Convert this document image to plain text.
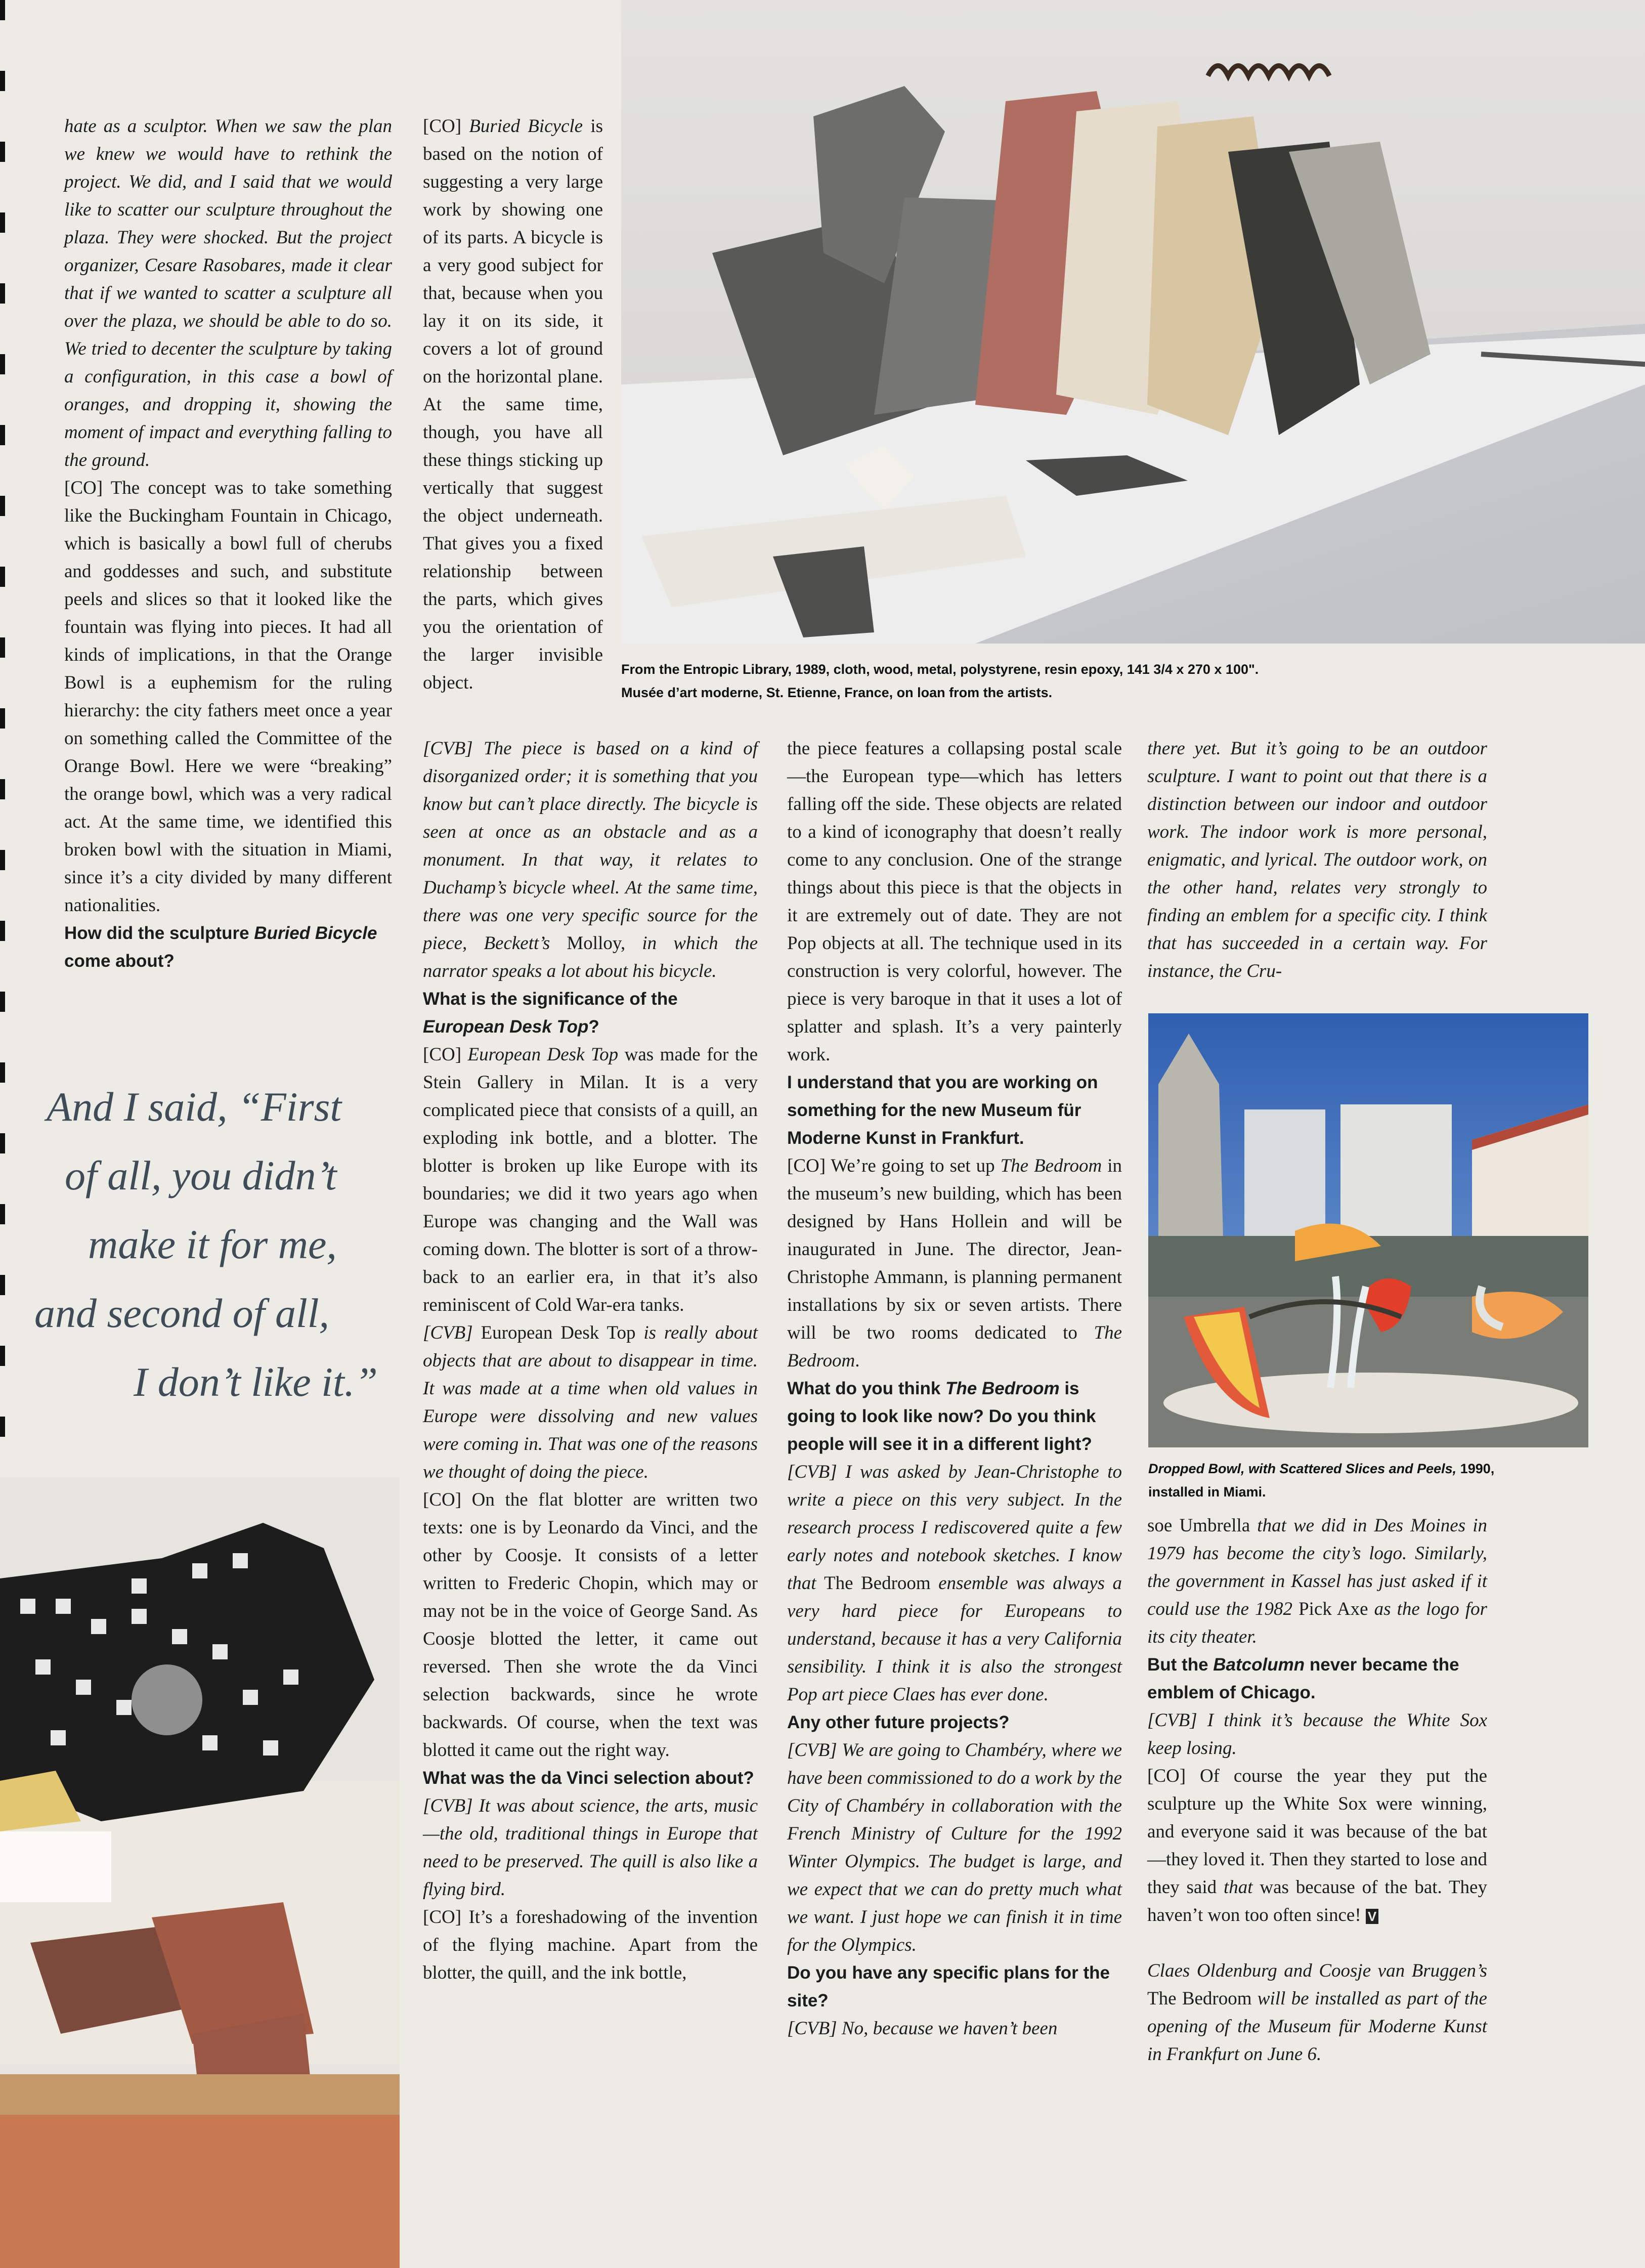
From the Entropic Library, 1989, cloth, wood, metal, polystyrene, resin epoxy, 141 3/4 x 270 x 100".
Musée d’art moderne, St. Etienne, France, on loan from the artists.

hate as a sculptor. When we saw the plan we knew we would have to rethink the project. We did, and I said that we would like to scatter our sculpture throughout the plaza. They were shocked. But the project organizer, Cesare Rasobares, made it clear that if we wanted to scatter a sculpture all over the plaza, we should be able to do so. We tried to decenter the sculpture by taking a configuration, in this case a bowl of oranges, and dropping it, showing the moment of impact and everything falling to the ground.

[CO] The concept was to take something like the Buckingham Fountain in Chicago, which is basically a bowl full of cherubs and goddesses and such, and substitute peels and slices so that it looked like the fountain was flying into pieces. It had all kinds of implications, in that the Orange Bowl is a euphemism for the ruling hierarchy: the city fathers meet once a year on something called the Committee of the Orange Bowl. Here we were “breaking” the orange bowl, which was a very radical act. At the same time, we identified this broken bowl with the situation in Miami, since it’s a city divided by many different nationalities.

How did the sculpture Buried Bicycle come about?

And I said, “First
of all, you didn’t
make it for me,
and second of all,
I don’t like it.”

[CO] Buried Bicycle is based on the notion of suggesting a very large work by showing one of its parts. A bicycle is a very good subject for that, because when you lay it on its side, it covers a lot of ground on the horizontal plane. At the same time, though, you have all these things sticking up vertically that suggest the object underneath. That gives you a fixed relationship between the parts, which gives you the orientation of the larger invisible object.

[CVB] The piece is based on a kind of disorganized order; it is something that you know but can’t place directly. The bicycle is seen at once as an obstacle and as a monument. In that way, it relates to Duchamp’s bicycle wheel. At the same time, there was one very specific source for the piece, Beckett’s Molloy, in which the narrator speaks a lot about his bicycle.

What is the significance of the European Desk Top?

[CO] European Desk Top was made for the Stein Gallery in Milan. It is a very complicated piece that consists of a quill, an exploding ink bottle, and a blotter. The blotter is broken up like Europe with its boundaries; we did it two years ago when Europe was changing and the Wall was coming down. The blotter is sort of a throw-back to an earlier era, in that it’s also reminiscent of Cold War-era tanks.

[CVB] European Desk Top is really about objects that are about to disappear in time. It was made at a time when old values in Europe were dissolving and new values were coming in. That was one of the reasons we thought of doing the piece.

[CO] On the flat blotter are written two texts: one is by Leonardo da Vinci, and the other by Coosje. It consists of a letter written to Frederic Chopin, which may or may not be in the voice of George Sand. As Coosje blotted the letter, it came out reversed. Then she wrote the da Vinci selection backwards, since he wrote backwards. Of course, when the text was blotted it came out the right way.

What was the da Vinci selection about?

[CVB] It was about science, the arts, music—the old, traditional things in Europe that need to be preserved. The quill is also like a flying bird.

[CO] It’s a foreshadowing of the invention of the flying machine. Apart from the blotter, the quill, and the ink bottle,

the piece features a collapsing postal scale—the European type—which has letters falling off the side. These objects are related to a kind of iconography that doesn’t really come to any conclusion. One of the strange things about this piece is that the objects in it are extremely out of date. They are not Pop objects at all. The technique used in its construction is very colorful, however. The piece is very baroque in that it uses a lot of splatter and splash. It’s a very painterly work.

I understand that you are working on something for the new Museum für Moderne Kunst in Frankfurt.

[CO] We’re going to set up The Bedroom in the museum’s new building, which has been designed by Hans Hollein and will be inaugurated in June. The director, Jean-Christophe Ammann, is planning permanent installations by six or seven artists. There will be two rooms dedicated to The Bedroom.

What do you think The Bedroom is going to look like now? Do you think people will see it in a different light?

[CVB] I was asked by Jean-Christophe to write a piece on this very subject. In the research process I rediscovered quite a few early notes and notebook sketches. I know that The Bedroom ensemble was always a very hard piece for Europeans to understand, because it has a very California sensibility. I think it is also the strongest Pop art piece Claes has ever done.

Any other future projects?

[CVB] We are going to Chambéry, where we have been commissioned to do a work by the City of Chambéry in collaboration with the French Ministry of Culture for the 1992 Winter Olympics. The budget is large, and we expect that we can do pretty much what we want. I just hope we can finish it in time for the Olympics.

Do you have any specific plans for the site?

[CVB] No, because we haven’t been

there yet. But it’s going to be an outdoor sculpture. I want to point out that there is a distinction between our indoor and outdoor work. The indoor work is more personal, enigmatic, and lyrical. The outdoor work, on the other hand, relates very strongly to finding an emblem for a specific city. I think that has succeeded in a certain way. For instance, the Cru-

Dropped Bowl, with Scattered Slices and Peels, 1990, installed in Miami.

soe Umbrella that we did in Des Moines in 1979 has become the city’s logo. Similarly, the government in Kassel has just asked if it could use the 1982 Pick Axe as the logo for its city theater.

But the Batcolumn never became the emblem of Chicago.

[CVB] I think it’s because the White Sox keep losing.

[CO] Of course the year they put the sculpture up the White Sox were winning, and everyone said it was because of the bat—they loved it. Then they started to lose and they said that was because of the bat. They haven’t won too often since! V

Claes Oldenburg and Coosje van Bruggen’s The Bedroom will be installed as part of the opening of the Museum für Moderne Kunst in Frankfurt on June 6.
